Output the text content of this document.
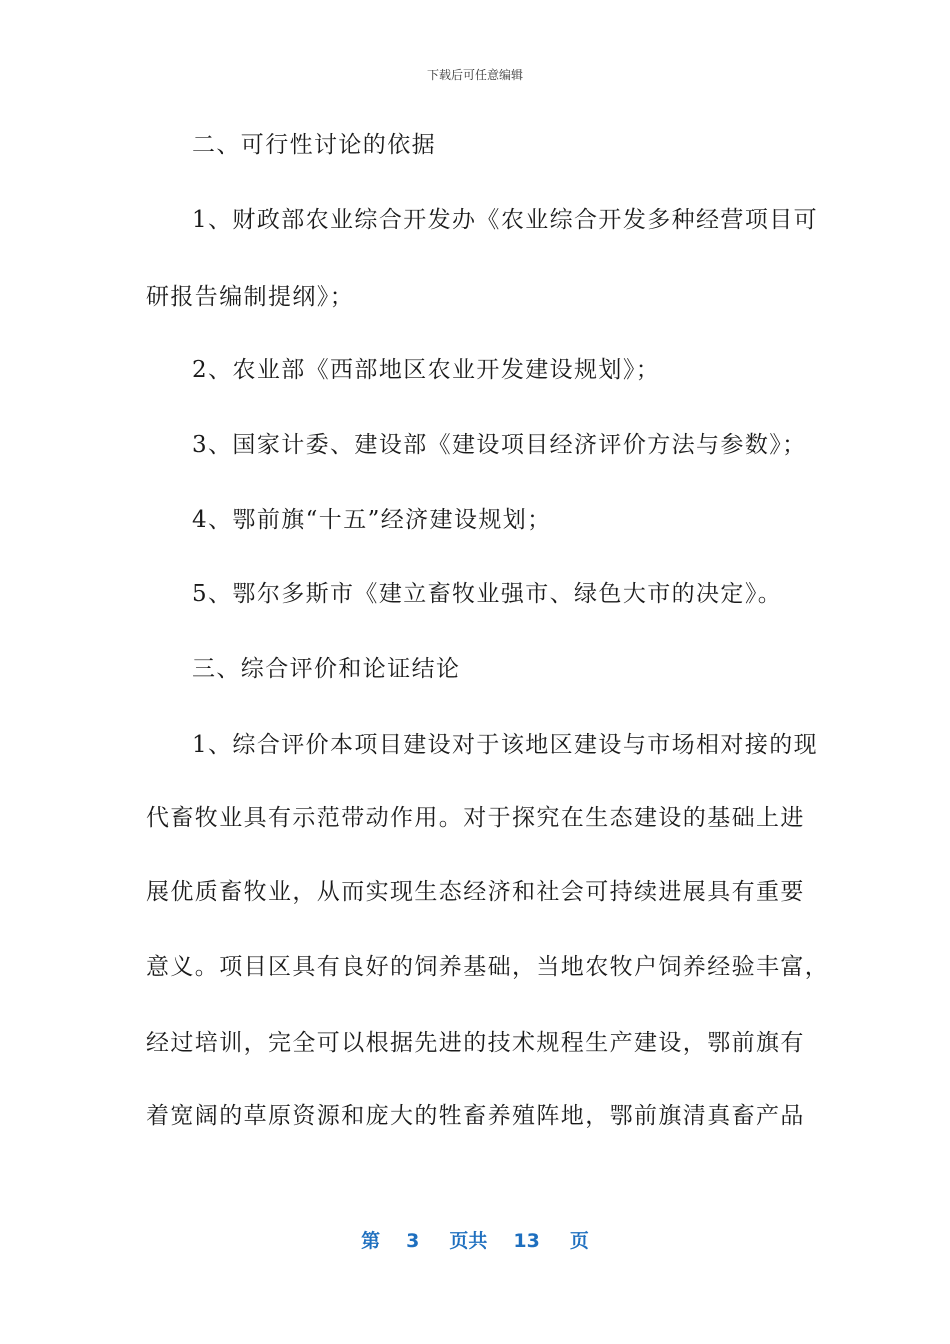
下载后可任意编辑
二、可行性讨论的依据
1、财政部农业综合开发办《农业综合开发多种经营项目可
研报告编制提纲》；
2、农业部《西部地区农业开发建设规划》；
3、国家计委、建设部《建设项目经济评价方法与参数》；
4、鄂前旗“十五”经济建设规划；
5、鄂尔多斯市《建立畜牧业强市、绿色大市的决定》。
三、综合评价和论证结论
1、综合评价本项目建设对于该地区建设与市场相对接的现
代畜牧业具有示范带动作用。对于探究在生态建设的基础上进
展优质畜牧业，从而实现生态经济和社会可持续进展具有重要
意义。项目区具有良好的饲养基础，当地农牧户饲养经验丰富，
经过培训，完全可以根据先进的技术规程生产建设，鄂前旗有
着宽阔的草原资源和庞大的牲畜养殖阵地，鄂前旗清真畜产品
第 3 页共 13 页
